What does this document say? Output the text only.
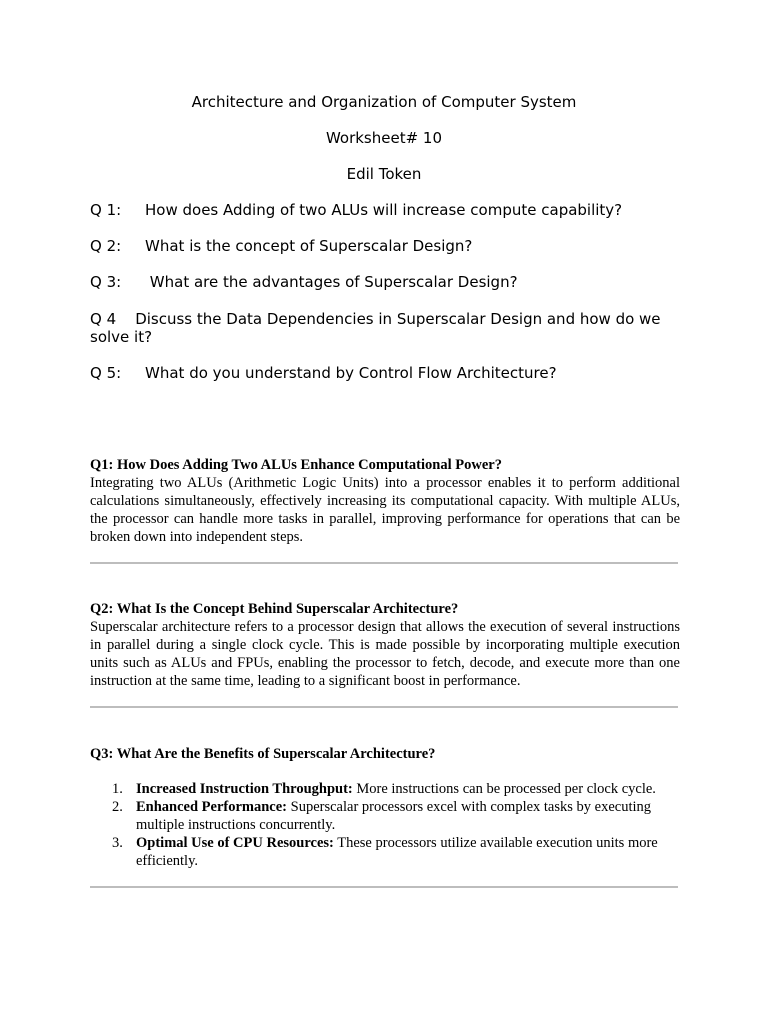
Architecture and Organization of Computer System
Worksheet# 10
Edil Token
Q 1: How does Adding of two ALUs will increase compute capability?
Q 2: What is the concept of Superscalar Design?
Q 3:      What are the advantages of Superscalar Design?
Q 4 Discuss the Data Dependencies in Superscalar Design and how do we solve it?
Q 5: What do you understand by Control Flow Architecture?
Q1: How Does Adding Two ALUs Enhance Computational Power?
Integrating two ALUs (Arithmetic Logic Units) into a processor enables it to perform additional calculations simultaneously, effectively increasing its computational capacity. With multiple ALUs, the processor can handle more tasks in parallel, improving performance for operations that can be broken down into independent steps.
Q2: What Is the Concept Behind Superscalar Architecture?
Superscalar architecture refers to a processor design that allows the execution of several instructions in parallel during a single clock cycle. This is made possible by incorporating multiple execution units such as ALUs and FPUs, enabling the processor to fetch, decode, and execute more than one instruction at the same time, leading to a significant boost in performance.
Q3: What Are the Benefits of Superscalar Architecture?
1. Increased Instruction Throughput: More instructions can be processed per clock cycle.
2. Enhanced Performance: Superscalar processors excel with complex tasks by executing multiple instructions concurrently.
3. Optimal Use of CPU Resources: These processors utilize available execution units more efficiently.
